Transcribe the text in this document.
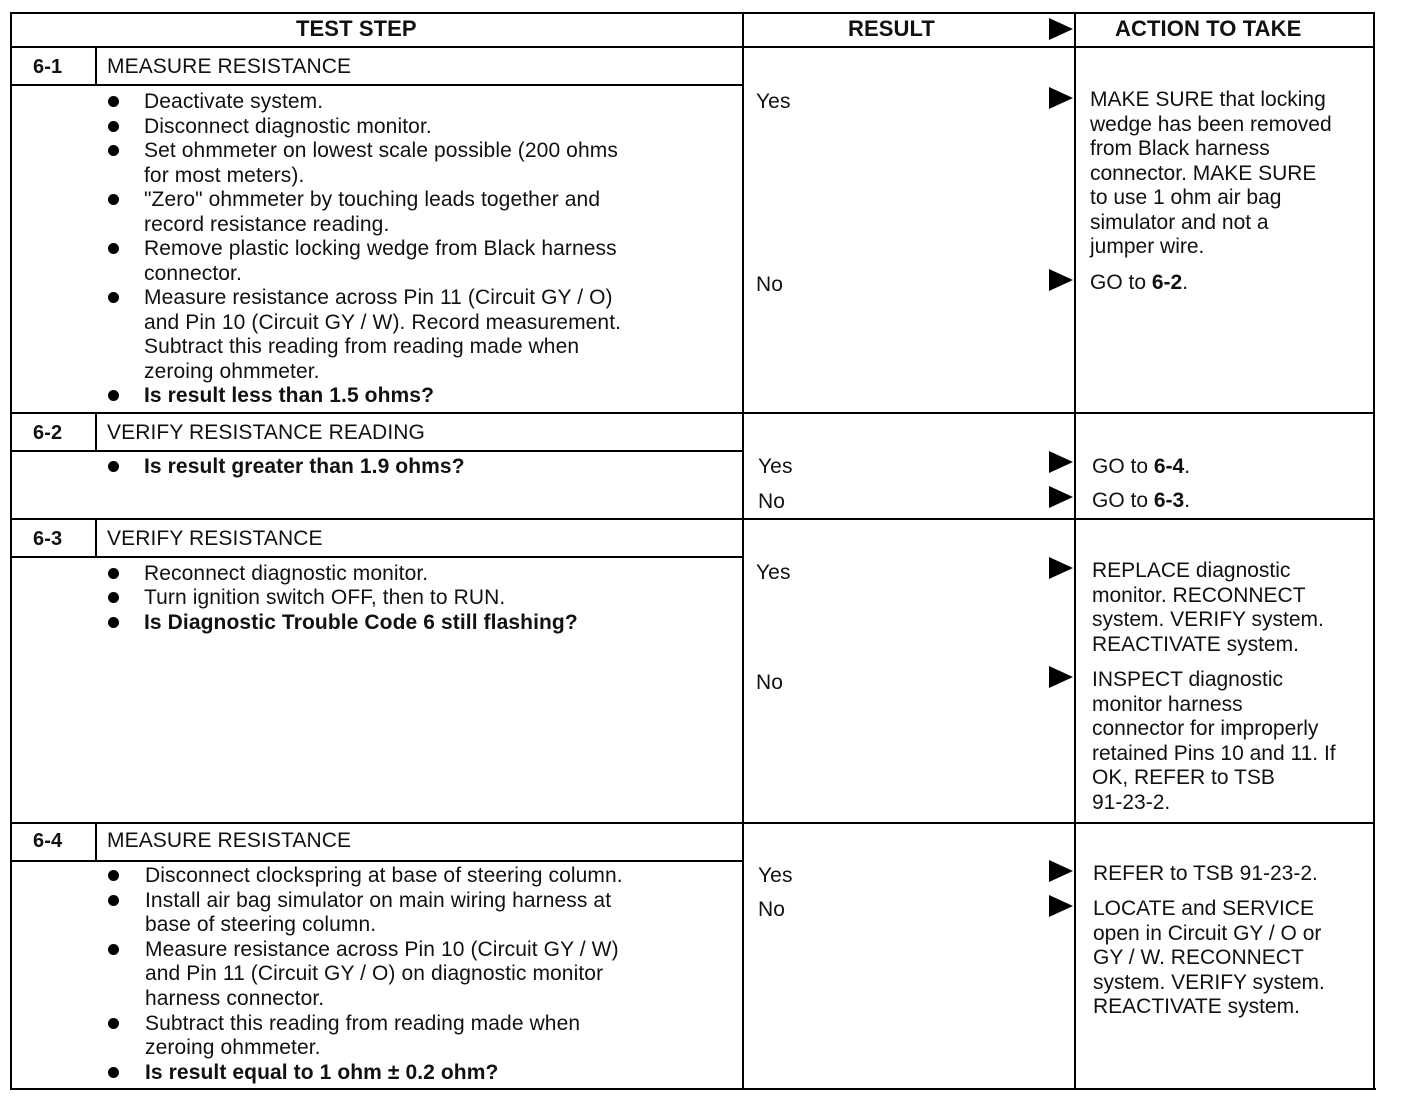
TEST STEP	RESULT	ACTION TO TAKE
6-1 MEASURE RESISTANCE
Deactivate system.
Disconnect diagnostic monitor.
Set ohmmeter on lowest scale possible (200 ohms
for most meters).
"Zero" ohmmeter by touching leads together and
record resistance reading.
Remove plastic locking wedge from Black harness
connector.
Measure resistance across Pin 11 (Circuit GY / O)
and Pin 10 (Circuit GY / W). Record measurement.
Subtract this reading from reading made when
zeroing ohmmeter.
Is result less than 1.5 ohms?
Yes	MAKE SURE that locking
wedge has been removed
from Black harness
connector. MAKE SURE
to use 1 ohm air bag
simulator and not a
jumper wire.
No	GO to 6-2.
6-2 VERIFY RESISTANCE READING
Is result greater than 1.9 ohms?	Yes	GO to 6-4.
No	GO to 6-3.
6-3 VERIFY RESISTANCE
Reconnect diagnostic monitor.
Turn ignition switch OFF, then to RUN.
Is Diagnostic Trouble Code 6 still flashing?
Yes	REPLACE diagnostic
monitor. RECONNECT
system. VERIFY system.
REACTIVATE system.
No	INSPECT diagnostic
monitor harness
connector for improperly
retained Pins 10 and 11. If
OK, REFER to TSB
91-23-2.
6-4 MEASURE RESISTANCE
Disconnect clockspring at base of steering column.
Install air bag simulator on main wiring harness at
base of steering column.
Measure resistance across Pin 10 (Circuit GY / W)
and Pin 11 (Circuit GY / O) on diagnostic monitor
harness connector.
Subtract this reading from reading made when
zeroing ohmmeter.
Is result equal to 1 ohm ± 0.2 ohm?
Yes	REFER to TSB 91-23-2.
No	LOCATE and SERVICE
open in Circuit GY / O or
GY / W. RECONNECT
system. VERIFY system.
REACTIVATE system.
